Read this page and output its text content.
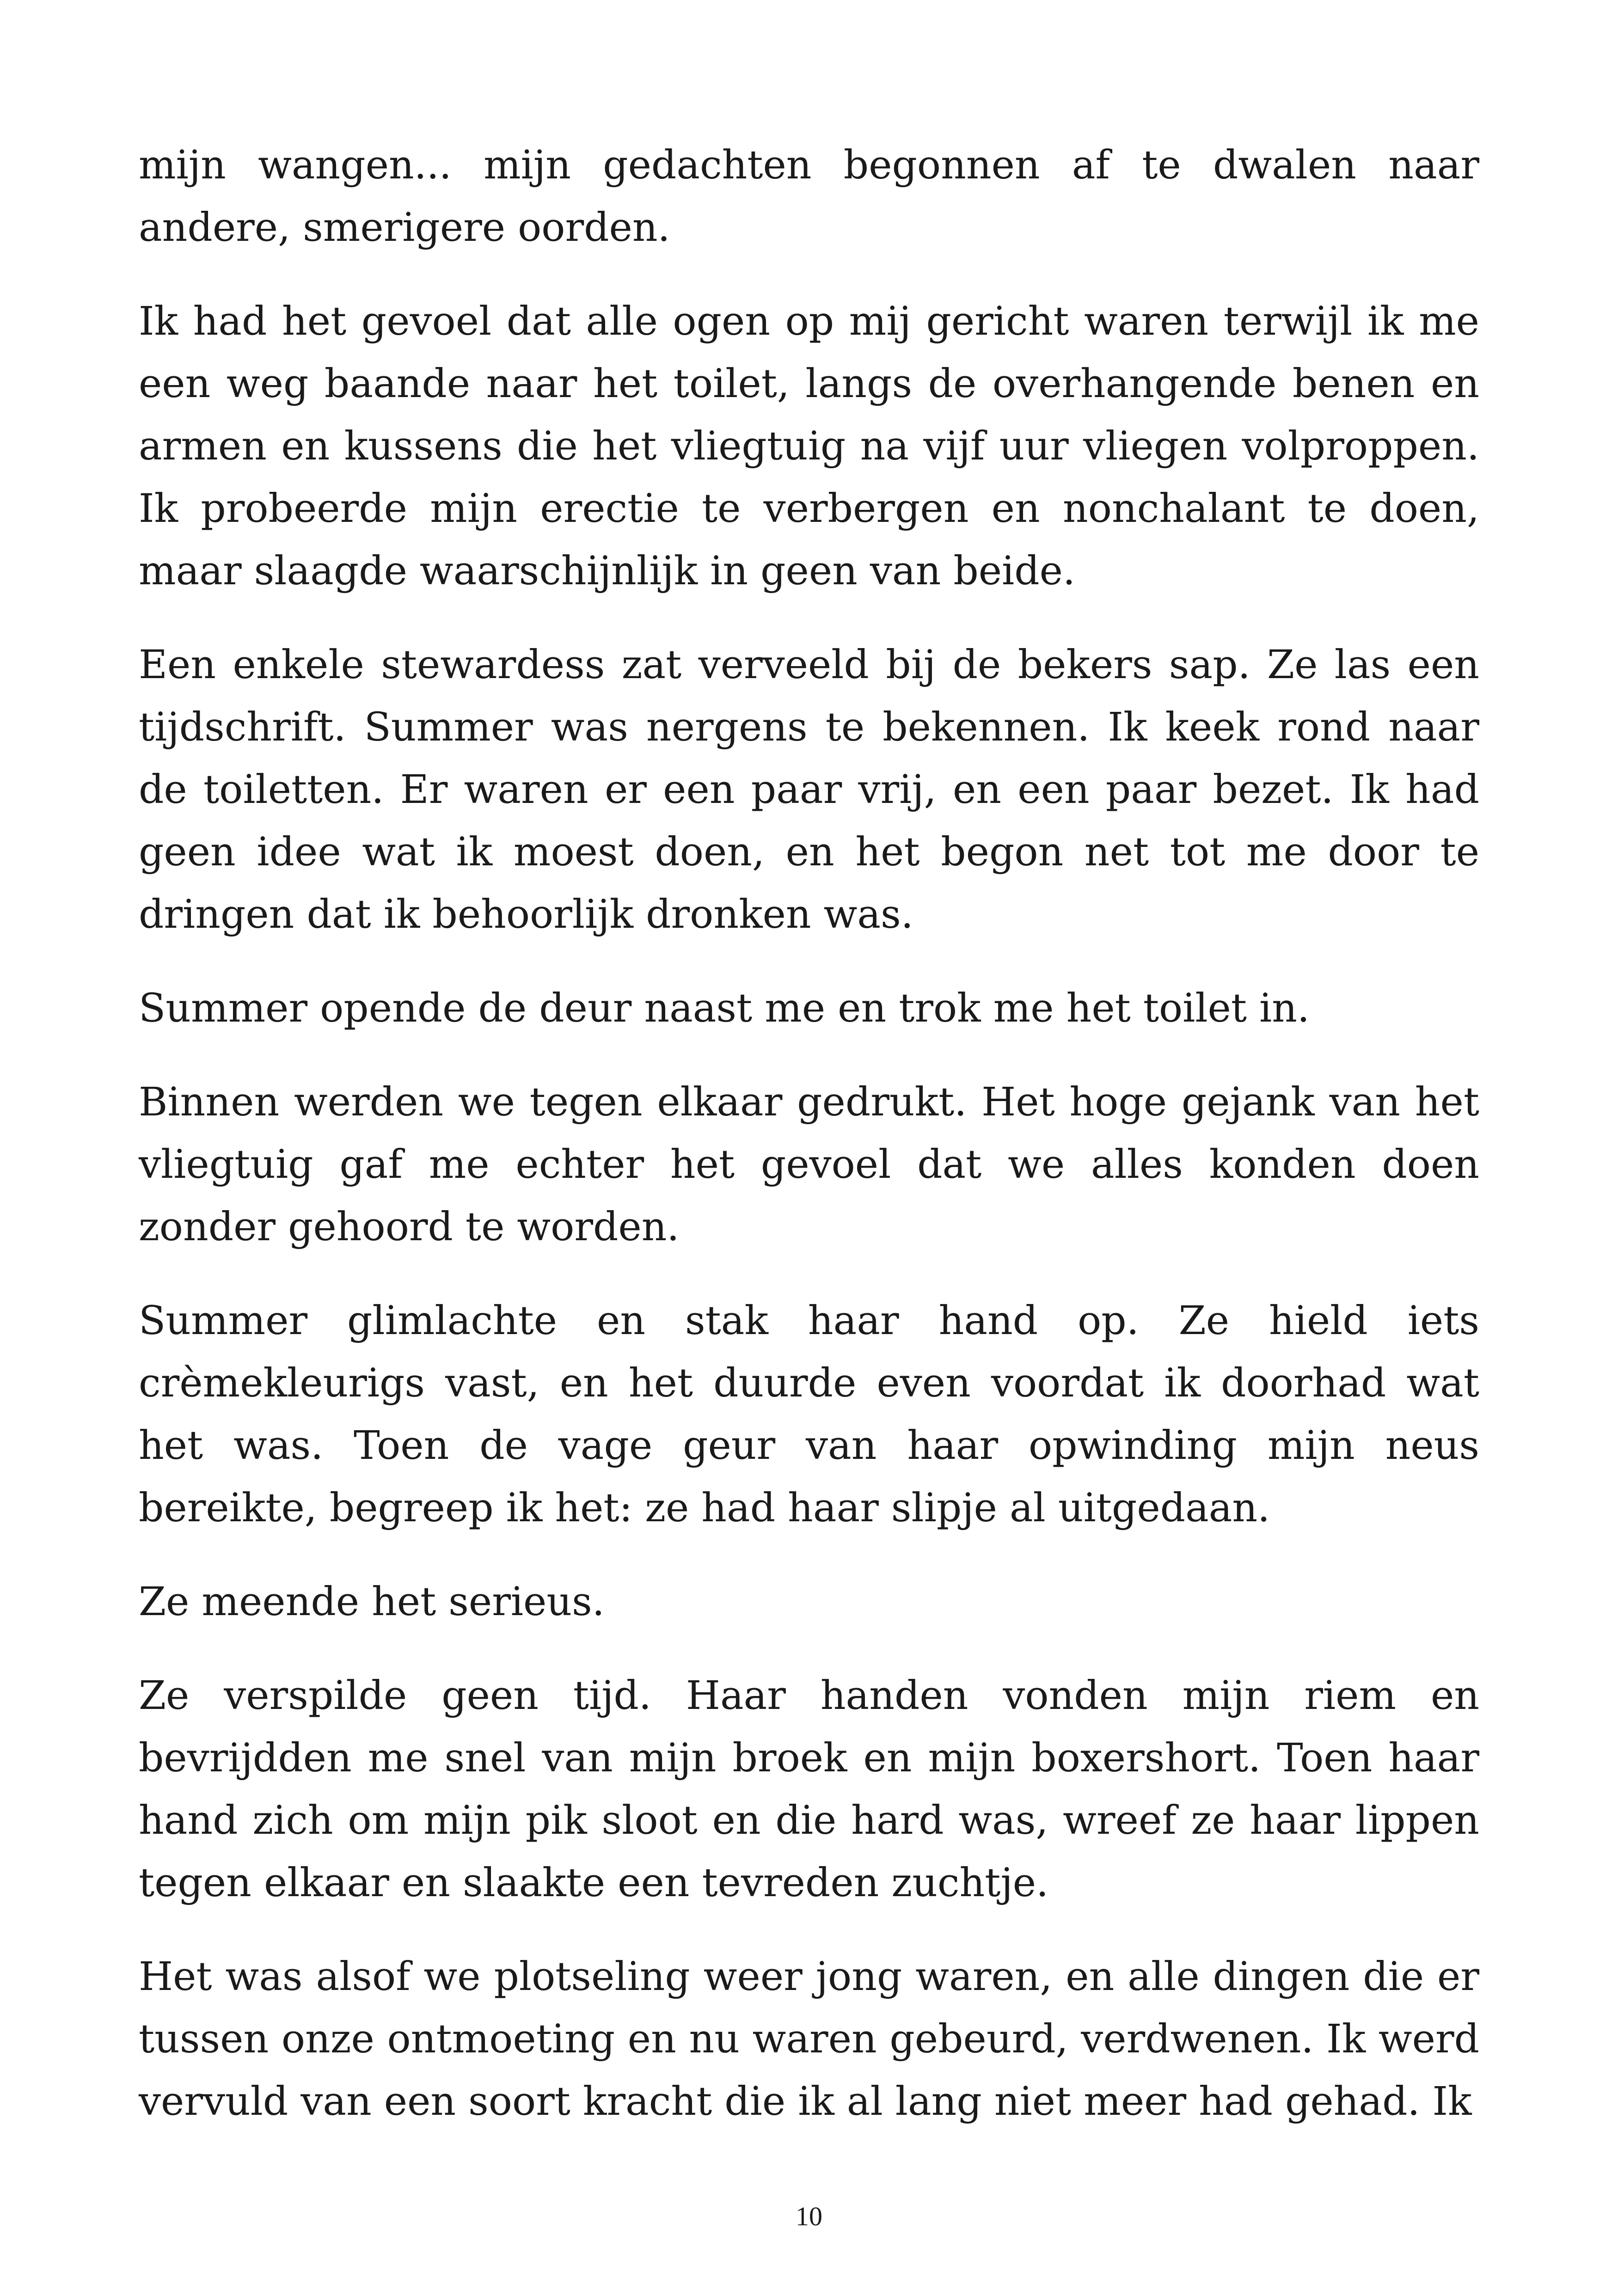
mijn wangen... mijn gedachten begonnen af te dwalen naar andere, smerigere oorden.

Ik had het gevoel dat alle ogen op mij gericht waren terwijl ik me een weg baande naar het toilet, langs de overhangende benen en armen en kussens die het vliegtuig na vijf uur vliegen volproppen. Ik probeerde mijn erectie te verbergen en nonchalant te doen, maar slaagde waarschijnlijk in geen van beide.

Een enkele stewardess zat verveeld bij de bekers sap. Ze las een tijdschrift. Summer was nergens te bekennen. Ik keek rond naar de toiletten. Er waren er een paar vrij, en een paar bezet. Ik had geen idee wat ik moest doen, en het begon net tot me door te dringen dat ik behoorlijk dronken was.

Summer opende de deur naast me en trok me het toilet in.

Binnen werden we tegen elkaar gedrukt. Het hoge gejank van het vliegtuig gaf me echter het gevoel dat we alles konden doen zonder gehoord te worden.

Summer glimlachte en stak haar hand op. Ze hield iets crèmekleurigs vast, en het duurde even voordat ik doorhad wat het was. Toen de vage geur van haar opwinding mijn neus bereikte, begreep ik het: ze had haar slipje al uitgedaan.

Ze meende het serieus.

Ze verspilde geen tijd. Haar handen vonden mijn riem en bevrijdden me snel van mijn broek en mijn boxershort. Toen haar hand zich om mijn pik sloot en die hard was, wreef ze haar lippen tegen elkaar en slaakte een tevreden zuchtje.

Het was alsof we plotseling weer jong waren, en alle dingen die er tussen onze ontmoeting en nu waren gebeurd, verdwenen. Ik werd vervuld van een soort kracht die ik al lang niet meer had gehad. Ik

10
